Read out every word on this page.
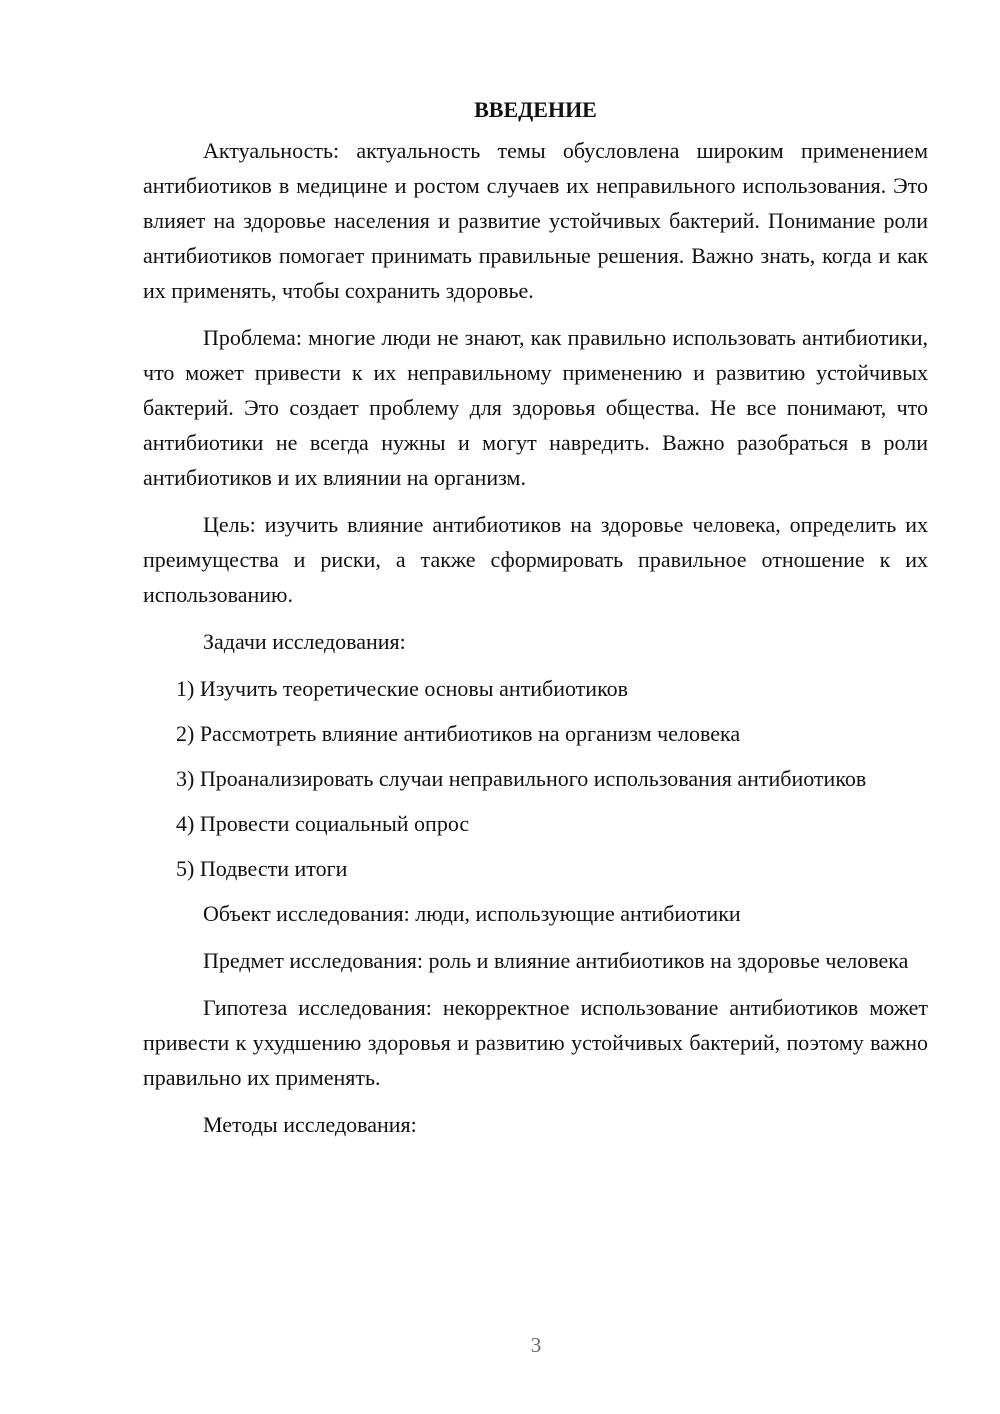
ВВЕДЕНИЕ

Актуальность: актуальность темы обусловлена широким применением антибиотиков в медицине и ростом случаев их неправильного использования. Это влияет на здоровье населения и развитие устойчивых бактерий. Понимание роли антибиотиков помогает принимать правильные решения. Важно знать, когда и как их применять, чтобы сохранить здоровье.

Проблема: многие люди не знают, как правильно использовать антибиотики, что может привести к их неправильному применению и развитию устойчивых бактерий. Это создает проблему для здоровья общества. Не все понимают, что антибиотики не всегда нужны и могут навредить. Важно разобраться в роли антибиотиков и их влиянии на организм.

Цель: изучить влияние антибиотиков на здоровье человека, определить их преимущества и риски, а также сформировать правильное отношение к их использованию.

Задачи исследования:

1) Изучить теоретические основы антибиотиков

2) Рассмотреть влияние антибиотиков на организм человека

3) Проанализировать случаи неправильного использования антибиотиков

4) Провести социальный опрос

5) Подвести итоги

Объект исследования: люди, использующие антибиотики

Предмет исследования: роль и влияние антибиотиков на здоровье человека

Гипотеза исследования: некорректное использование антибиотиков может привести к ухудшению здоровья и развитию устойчивых бактерий, поэтому важно правильно их применять.

Методы исследования:

3
